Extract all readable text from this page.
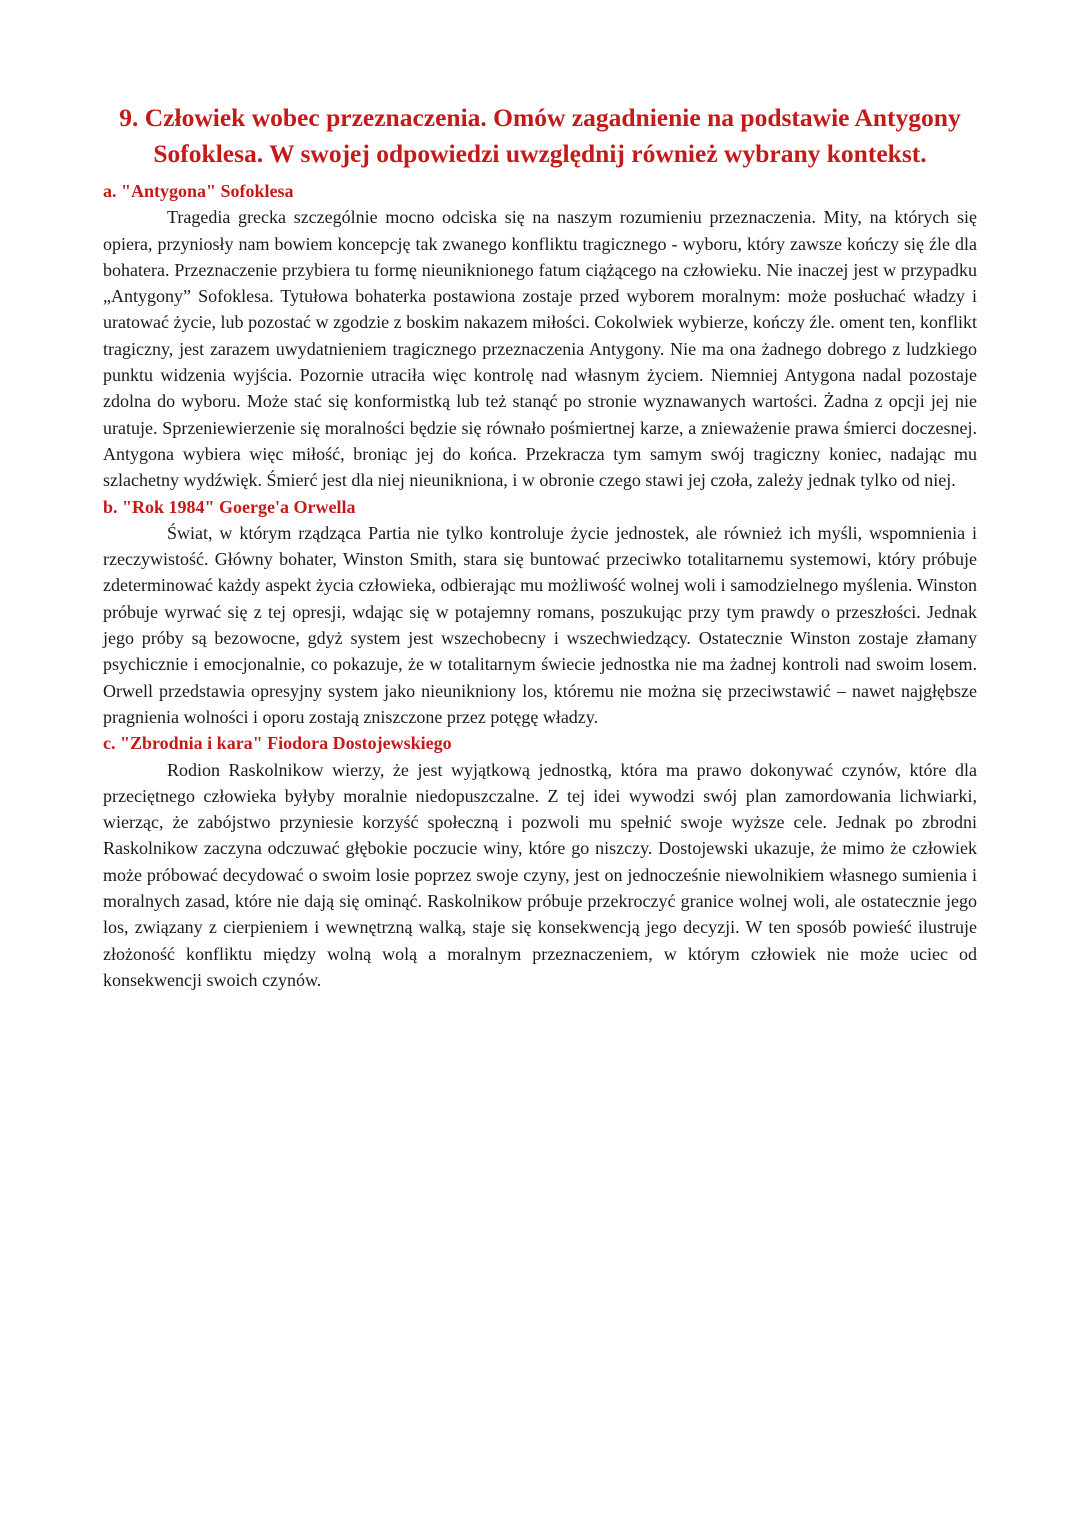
9. Człowiek wobec przeznaczenia. Omów zagadnienie na podstawie Antygony Sofoklesa. W swojej odpowiedzi uwzględnij również wybrany kontekst.
a. "Antygona" Sofoklesa

Tragedia grecka szczególnie mocno odciska się na naszym rozumieniu przeznaczenia. Mity, na których się opiera, przyniosły nam bowiem koncepcję tak zwanego konfliktu tragicznego - wyboru, który zawsze kończy się źle dla bohatera. Przeznaczenie przybiera tu formę nieuniknionego fatum ciążącego na człowieku. Nie inaczej jest w przypadku „Antygony” Sofoklesa. Tytułowa bohaterka postawiona zostaje przed wyborem moralnym: może posłuchać władzy i uratować życie, lub pozostać w zgodzie z boskim nakazem miłości. Cokolwiek wybierze, kończy źle. oment ten, konflikt tragiczny, jest zarazem uwydatnieniem tragicznego przeznaczenia Antygony. Nie ma ona żadnego dobrego z ludzkiego punktu widzenia wyjścia. Pozornie utraciła więc kontrolę nad własnym życiem. Niemniej Antygona nadal pozostaje zdolna do wyboru. Może stać się konformistką lub też stanąć po stronie wyznawanych wartości. Żadna z opcji jej nie uratuje. Sprzeniewierzenie się moralności będzie się równało pośmiertnej karze, a znieważenie prawa śmierci doczesnej. Antygona wybiera więc miłość, broniąc jej do końca. Przekracza tym samym swój tragiczny koniec, nadając mu szlachetny wydźwięk. Śmierć jest dla niej nieunikniona, i w obronie czego stawi jej czoła, zależy jednak tylko od niej.

b. "Rok 1984" Goerge'a Orwella

Świat, w którym rządząca Partia nie tylko kontroluje życie jednostek, ale również ich myśli, wspomnienia i rzeczywistość. Główny bohater, Winston Smith, stara się buntować przeciwko totalitarnemu systemowi, który próbuje zdeterminować każdy aspekt życia człowieka, odbierając mu możliwość wolnej woli i samodzielnego myślenia. Winston próbuje wyrwać się z tej opresji, wdając się w potajemny romans, poszukując przy tym prawdy o przeszłości. Jednak jego próby są bezowocne, gdyż system jest wszechobecny i wszechwiedzący. Ostatecznie Winston zostaje złamany psychicznie i emocjonalnie, co pokazuje, że w totalitarnym świecie jednostka nie ma żadnej kontroli nad swoim losem. Orwell przedstawia opresyjny system jako nieunikniony los, któremu nie można się przeciwstawić – nawet najgłębsze pragnienia wolności i oporu zostają zniszczone przez potęgę władzy.

c. "Zbrodnia i kara" Fiodora Dostojewskiego

Rodion Raskolnikow wierzy, że jest wyjątkową jednostką, która ma prawo dokonywać czynów, które dla przeciętnego człowieka byłyby moralnie niedopuszczalne. Z tej idei wywodzi swój plan zamordowania lichwiarki, wierząc, że zabójstwo przyniesie korzyść społeczną i pozwoli mu spełnić swoje wyższe cele. Jednak po zbrodni Raskolnikow zaczyna odczuwać głębokie poczucie winy, które go niszczy. Dostojewski ukazuje, że mimo że człowiek może próbować decydować o swoim losie poprzez swoje czyny, jest on jednocześnie niewolnikiem własnego sumienia i moralnych zasad, które nie dają się ominąć. Raskolnikow próbuje przekroczyć granice wolnej woli, ale ostatecznie jego los, związany z cierpieniem i wewnętrzną walką, staje się konsekwencją jego decyzji. W ten sposób powieść ilustruje złożoność konfliktu między wolną wolą a moralnym przeznaczeniem, w którym człowiek nie może uciec od konsekwencji swoich czynów.
